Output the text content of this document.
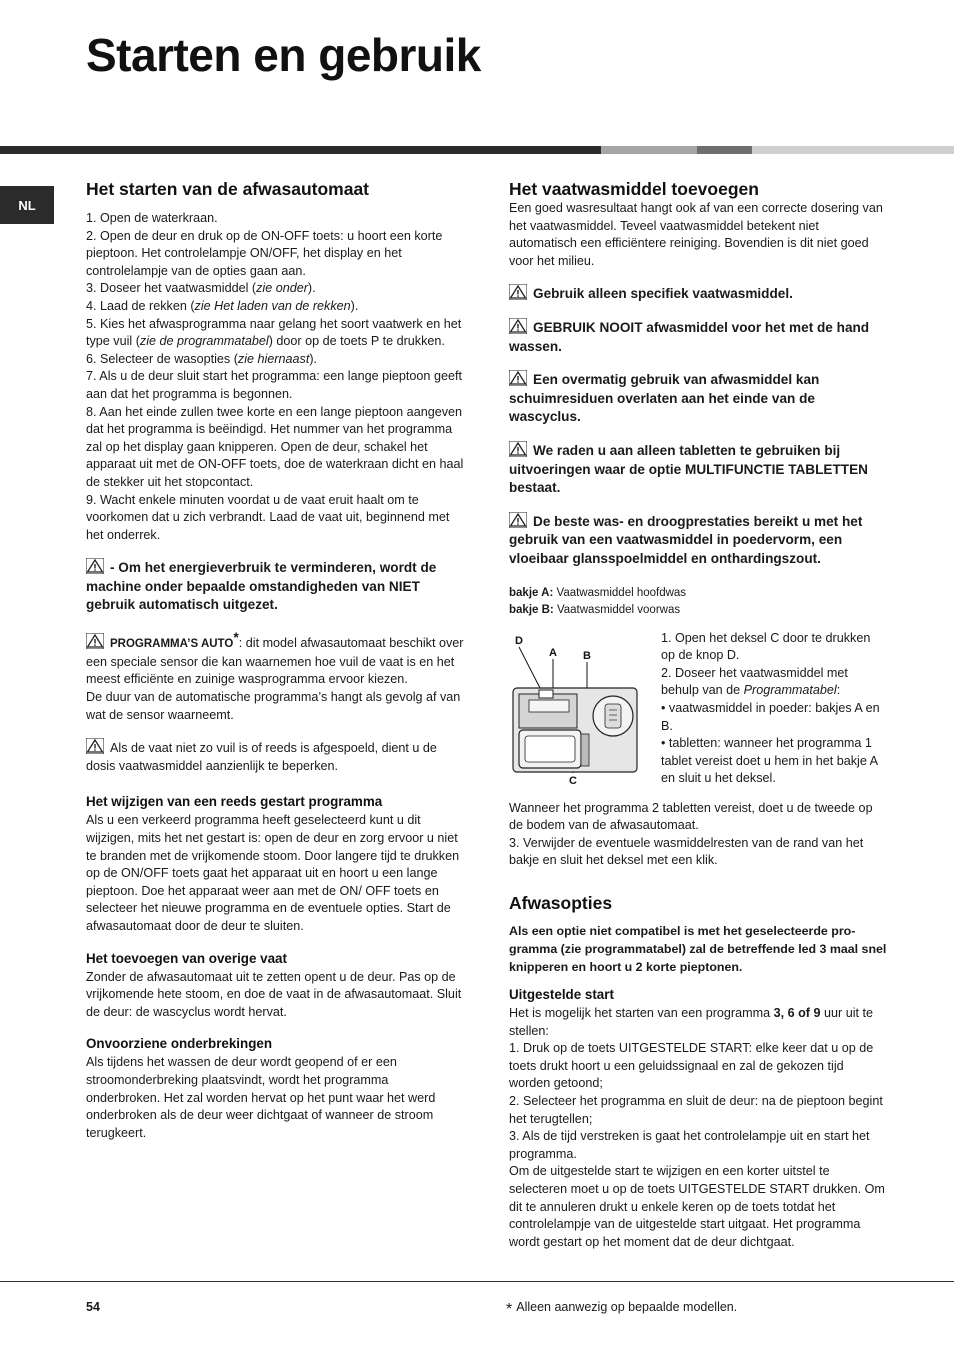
Starten en gebruik
NL
Het starten van de afwasautomaat

1. Open de waterkraan.

2. Open de deur en druk op de ON-OFF toets: u hoort een korte pieptoon. Het controlelampje ON/OFF, het display en het controlelampje van de opties gaan aan.

3. Doseer het vaatwasmiddel (zie onder).

4. Laad de rekken (zie Het laden van de rekken).

5. Kies het afwasprogramma naar gelang het soort vaatwerk en het type vuil (zie de programmatabel) door op de toets P te drukken.

6. Selecteer de wasopties (zie hiernaast).

7. Als u de deur sluit start het programma: een lange pieptoon geeft aan dat het programma is begonnen.

8. Aan het einde zullen twee korte en een lange pieptoon aangeven dat het programma is beëindigd. Het nummer van het programma zal op het display gaan knipperen. Open de deur, schakel het apparaat uit met de ON-OFF toets, doe de waterkraan dicht en haal de stekker uit het stopcontact.

9. Wacht enkele minuten voordat u de vaat eruit haalt om te voorkomen dat u zich verbrandt. Laad de vaat uit, beginnend met het onderrek.

- Om het energieverbruik te verminderen, wordt de machine onder bepaalde omstandigheden van NIET gebruik automatisch uitgezet.

PROGRAMMA’S AUTO*: dit model afwasautomaat beschikt over een speciale sensor die kan waarnemen hoe vuil de vaat is en het meest efficiënte en zuinige wasprogramma ervoor kiezen.

De duur van de automatische programma’s hangt als gevolg af van wat de sensor waarneemt.

Als de vaat niet zo vuil is of reeds is afgespoeld, dient u de dosis vaatwasmiddel aanzienlijk te beperken.

Het wijzigen van een reeds gestart programma

Als u een verkeerd programma heeft geselecteerd kunt u dit wijzigen, mits het net gestart is: open de deur en zorg ervoor u niet te branden met de vrijkomende stoom. Door langere tijd te drukken op de ON/OFF toets gaat het apparaat uit en hoort u een lange pieptoon. Doe het apparaat weer aan met de ON/ OFF toets en selecteer het nieuwe programma en de eventuele opties. Start de afwasautomaat door de deur te sluiten.

Het toevoegen van overige vaat

Zonder de afwasautomaat uit te zetten opent u de deur. Pas op de vrijkomende hete stoom, en doe de vaat in de afwasautomaat. Sluit de deur: de wascyclus wordt hervat.

Onvoorziene onderbrekingen

Als tijdens het wassen de deur wordt geopend of er een stroomonderbreking plaatsvindt, wordt het programma onderbroken. Het zal worden hervat op het punt waar het werd onderbroken als de deur weer dichtgaat of wanneer de stroom terugkeert.

Het vaatwasmiddel toevoegen

Een goed wasresultaat hangt ook af van een correcte dosering van het vaatwasmiddel. Teveel vaatwasmiddel betekent niet automatisch een efficiëntere reiniging. Bovendien is dit niet goed voor het milieu.

Gebruik alleen specifiek vaatwasmiddel.

GEBRUIK NOOIT afwasmiddel voor het met de hand wassen.

Een overmatig gebruik van afwasmiddel kan schuimresiduen overlaten aan het einde van de wascyclus.

We raden u aan alleen tabletten te gebruiken bij uitvoeringen waar de optie MULTIFUNCTIE TABLETTEN bestaat.

De beste was- en droogprestaties bereikt u met het gebruik van een vaatwasmiddel in poedervorm, een vloeibaar glansspoelmiddel en onthardingszout.

bakje A: Vaatwasmiddel hoofdwas

bakje B: Vaatwasmiddel voorwas

D
A B
C

1. Open het deksel C door te drukken op de knop D.

2. Doseer het vaatwasmiddel met behulp van de Programmatabel:

• vaatwasmiddel in poeder: bakjes A en B.

• tabletten: wanneer het programma 1 tablet vereist doet u hem in het bakje A en sluit u het deksel.

Wanneer het programma 2 tabletten vereist, doet u de tweede op de bodem van de afwasautomaat.

3. Verwijder de eventuele wasmiddelresten van de rand van het bakje en sluit het deksel met een klik.

Afwasopties

Als een optie niet compatibel is met het geselecteerde pro-gramma (zie programmatabel) zal de betreffende led 3 maal snel knipperen en hoort u 2 korte pieptonen.

Uitgestelde start

Het is mogelijk het starten van een programma 3, 6 of 9 uur uit te stellen:

1. Druk op de toets UITGESTELDE START: elke keer dat u op de toets drukt hoort u een geluidssignaal en zal de gekozen tijd worden getoond;

2. Selecteer het programma en sluit de deur: na de pieptoon begint het terugtellen;

3. Als de tijd verstreken is gaat het controlelampje uit en start het programma.

Om de uitgestelde start te wijzigen en een korter uitstel te selecteren moet u op de toets UITGESTELDE START drukken. Om dit te annuleren drukt u enkele keren op de toets totdat het controlelampje van de uitgestelde start uitgaat. Het programma wordt gestart op het moment dat de deur dichtgaat.

54	* Alleen aanwezig op bepaalde modellen.
